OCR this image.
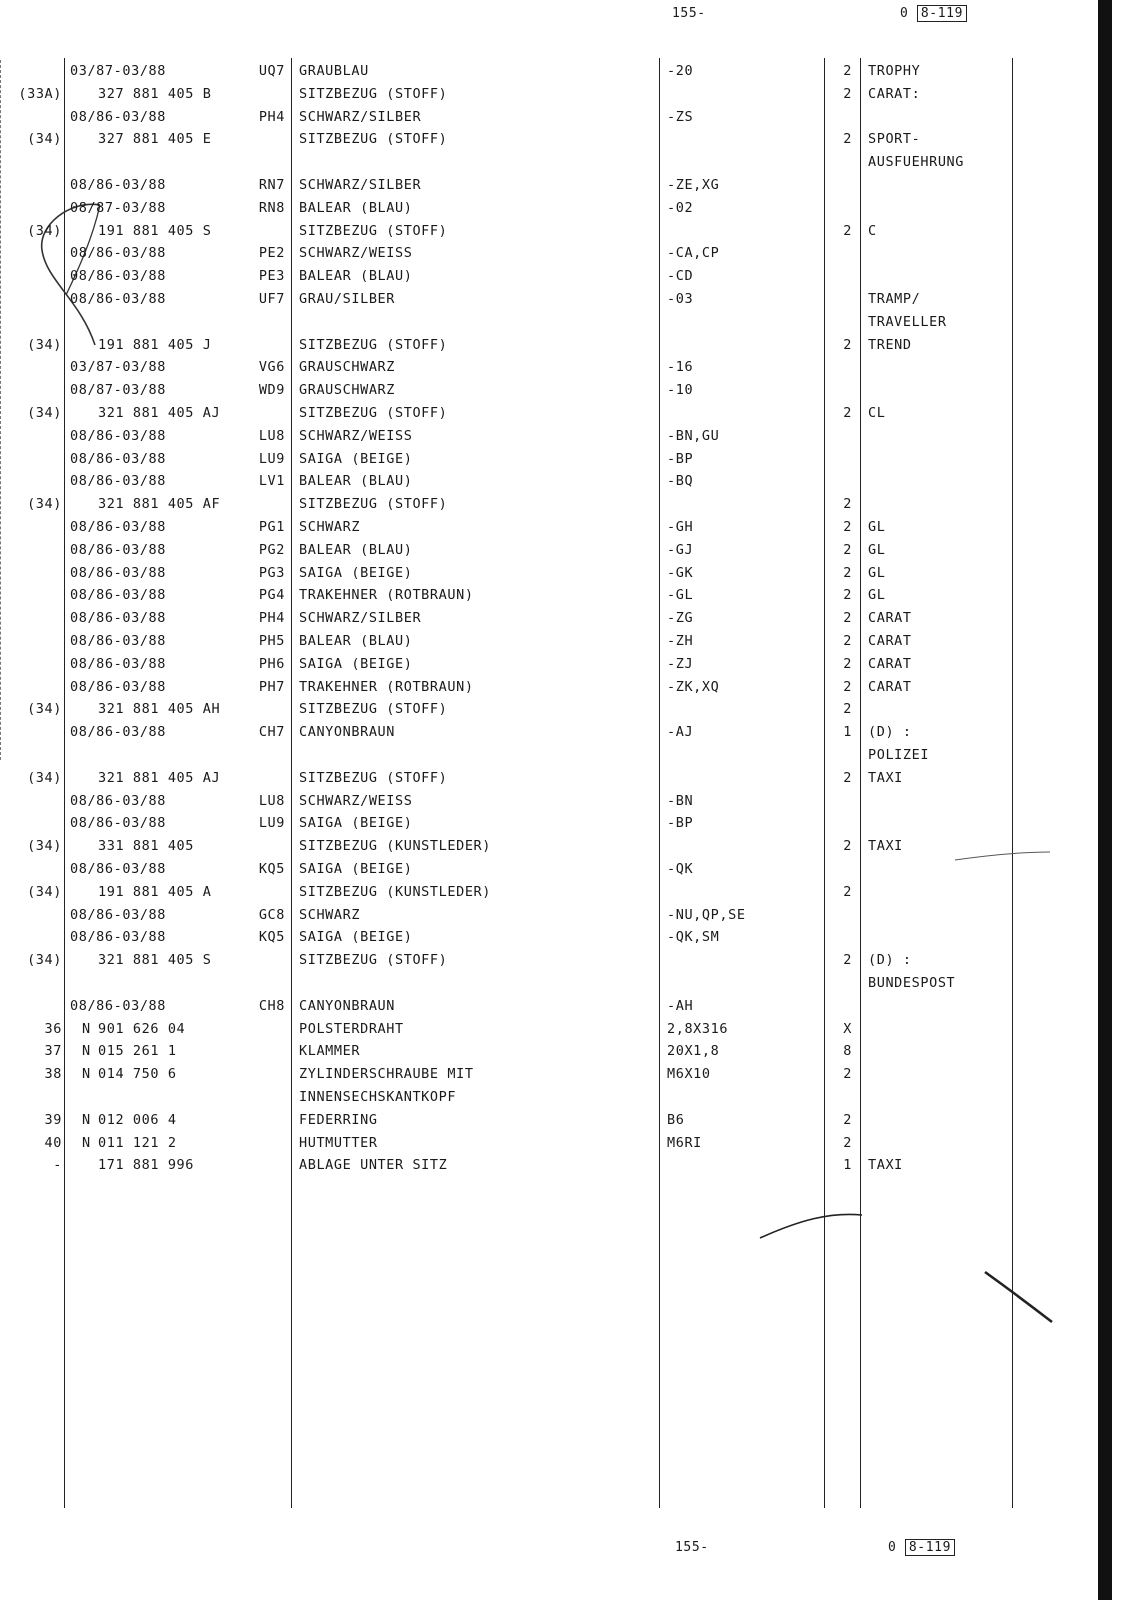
155-	0 8-119
03/87-03/88	UQ7 GRAUBLAU	-20	2 TROPHY
(33A)	327 881 405 B	SITZBEZUG (STOFF)	2 CARAT:
08/86-03/88	PH4 SCHWARZ/SILBER	-ZS
(34)	327 881 405 E	SITZBEZUG (STOFF)	2 SPORT-
AUSFUEHRUNG
08/86-03/88	RN7 SCHWARZ/SILBER	-ZE,XG
08/87-03/88	RN8 BALEAR (BLAU)	-02
(34)	191 881 405 S	SITZBEZUG (STOFF)	2 C
08/86-03/88	PE2 SCHWARZ/WEISS	-CA,CP
08/86-03/88	PE3 BALEAR (BLAU)	-CD
08/86-03/88	UF7 GRAU/SILBER	-03	TRAMP/
TRAVELLER
(34)	191 881 405 J	SITZBEZUG (STOFF)	2 TREND
03/87-03/88	VG6 GRAUSCHWARZ	-16
08/87-03/88	WD9 GRAUSCHWARZ	-10
(34)	321 881 405 AJ	SITZBEZUG (STOFF)	2 CL
08/86-03/88	LU8 SCHWARZ/WEISS	-BN,GU
08/86-03/88	LU9 SAIGA (BEIGE)	-BP
08/86-03/88	LV1 BALEAR (BLAU)	-BQ
(34)	321 881 405 AF	SITZBEZUG (STOFF)	2
08/86-03/88	PG1 SCHWARZ	-GH	2 GL
08/86-03/88	PG2 BALEAR (BLAU)	-GJ	2 GL
08/86-03/88	PG3 SAIGA (BEIGE)	-GK	2 GL
08/86-03/88	PG4 TRAKEHNER (ROTBRAUN)	-GL	2 GL
08/86-03/88	PH4 SCHWARZ/SILBER	-ZG	2 CARAT
08/86-03/88	PH5 BALEAR (BLAU)	-ZH	2 CARAT
08/86-03/88	PH6 SAIGA (BEIGE)	-ZJ	2 CARAT
08/86-03/88	PH7 TRAKEHNER (ROTBRAUN)	-ZK,XQ	2 CARAT
(34)	321 881 405 AH	SITZBEZUG (STOFF)	2
08/86-03/88	CH7 CANYONBRAUN	-AJ	1 (D) :
POLIZEI
(34)	321 881 405 AJ	SITZBEZUG (STOFF)	2 TAXI
08/86-03/88	LU8 SCHWARZ/WEISS	-BN
08/86-03/88	LU9 SAIGA (BEIGE)	-BP
(34)	331 881 405	SITZBEZUG (KUNSTLEDER)	2 TAXI
08/86-03/88	KQ5 SAIGA (BEIGE)	-QK
(34)	191 881 405 A	SITZBEZUG (KUNSTLEDER)	2
08/86-03/88	GC8 SCHWARZ	-NU,QP,SE
08/86-03/88	KQ5 SAIGA (BEIGE)	-QK,SM
(34)	321 881 405 S	SITZBEZUG (STOFF)	2 (D) :
BUNDESPOST
08/86-03/88	CH8 CANYONBRAUN	-AH
36 N 901 626 04	POLSTERDRAHT	2,8X316	X
37 N 015 261 1	KLAMMER	20X1,8	8
38 N 014 750 6	ZYLINDERSCHRAUBE MIT	M6X10	2
INNENSECHSKANTKOPF
39 N 012 006 4	FEDERRING	B6	2
40 N 011 121 2	HUTMUTTER	M6RI	2
-	171 881 996	ABLAGE UNTER SITZ	1 TAXI
155-	0 8-119
